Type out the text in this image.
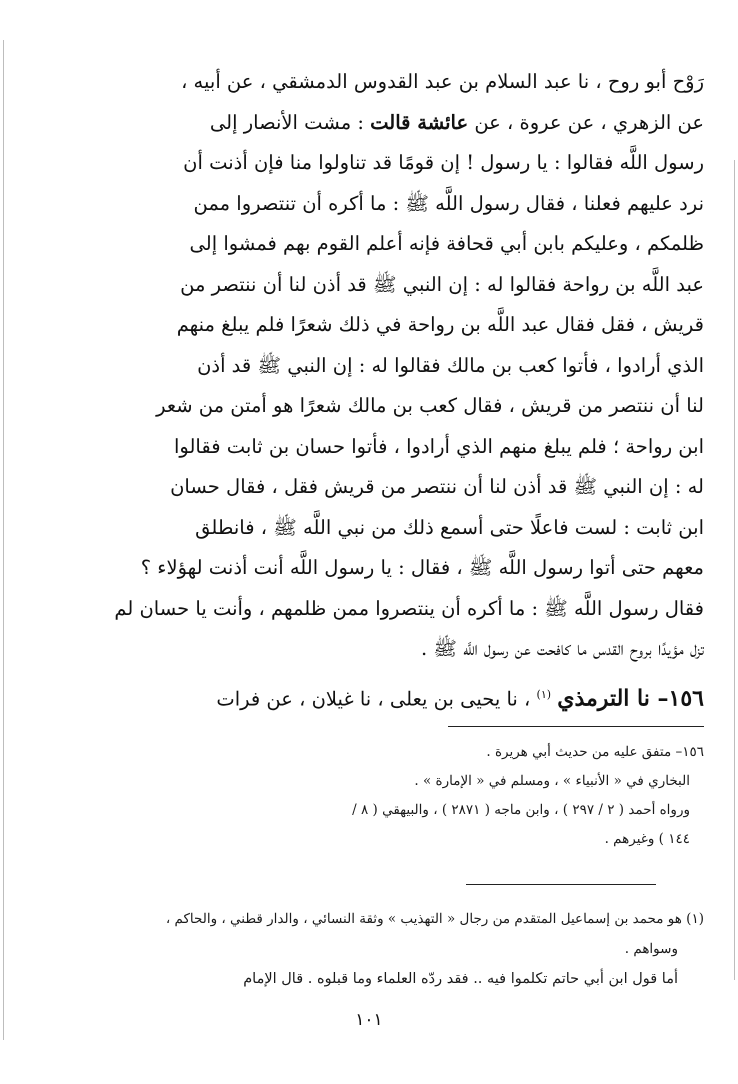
رَوْح أبو روح ، نا عبد السلام بن عبد القدوس الدمشقي ، عن أبيه ،
عن الزهري ، عن عروة ، عن عائشة قالت : مشت الأنصار إلى
رسول اللَّه فقالوا : يا رسول ! إن قومًا قد تناولوا منا فإن أذنت أن
نرد عليهم فعلنا ، فقال رسول اللَّه ﷺ : ما أكره أن تنتصروا ممن
ظلمكم ، وعليكم بابن أبي قحافة فإنه أعلم القوم بهم فمشوا إلى
عبد اللَّه بن رواحة فقالوا له : إن النبي ﷺ قد أذن لنا أن ننتصر من
قريش ، فقل فقال عبد اللَّه بن رواحة في ذلك شعرًا فلم يبلغ منهم
الذي أرادوا ، فأتوا كعب بن مالك فقالوا له : إن النبي ﷺ قد أذن
لنا أن ننتصر من قريش ، فقال كعب بن مالك شعرًا هو أمتن من شعر
ابن رواحة ؛ فلم يبلغ منهم الذي أرادوا ، فأتوا حسان بن ثابت فقالوا
له : إن النبي ﷺ قد أذن لنا أن ننتصر من قريش فقل ، فقال حسان
ابن ثابت : لست فاعلًا حتى أسمع ذلك من نبي اللَّه ﷺ ، فانطلق
معهم حتى أتوا رسول اللَّه ﷺ ، فقال : يا رسول اللَّه أنت أذنت لهؤلاء ؟
فقال رسول اللَّه ﷺ : ما أكره أن ينتصروا ممن ظلمهم ، وأنت يا حسان لم
تزل مؤيدًا بروح القدس ما كافحت عن رسول اللَّه ﷺ .
١٥٦– نا الترمذي $^{(١)}$ ، نا يحيى بن يعلى ، نا غيلان ، عن فرات
١٥٦– متفق عليه من حديث أبي هريرة .
البخاري في « الأنبياء » ، ومسلم في « الإمارة » .
ورواه أحمد ( ٢ / ٢٩٧ ) ، وابن ماجه ( ٢٨٧١ ) ، والبيهقي ( ٨ /
١٤٤ ) وغيرهم .
(١) هو محمد بن إسماعيل المتقدم من رجال « التهذيب » وثقة النسائي ، والدار قطني ، والحاكم ،
وسواهم .
أما قول ابن أبي حاتم تكلموا فيه .. فقد ردّه العلماء وما قبلوه . قال الإمام
١٠١
